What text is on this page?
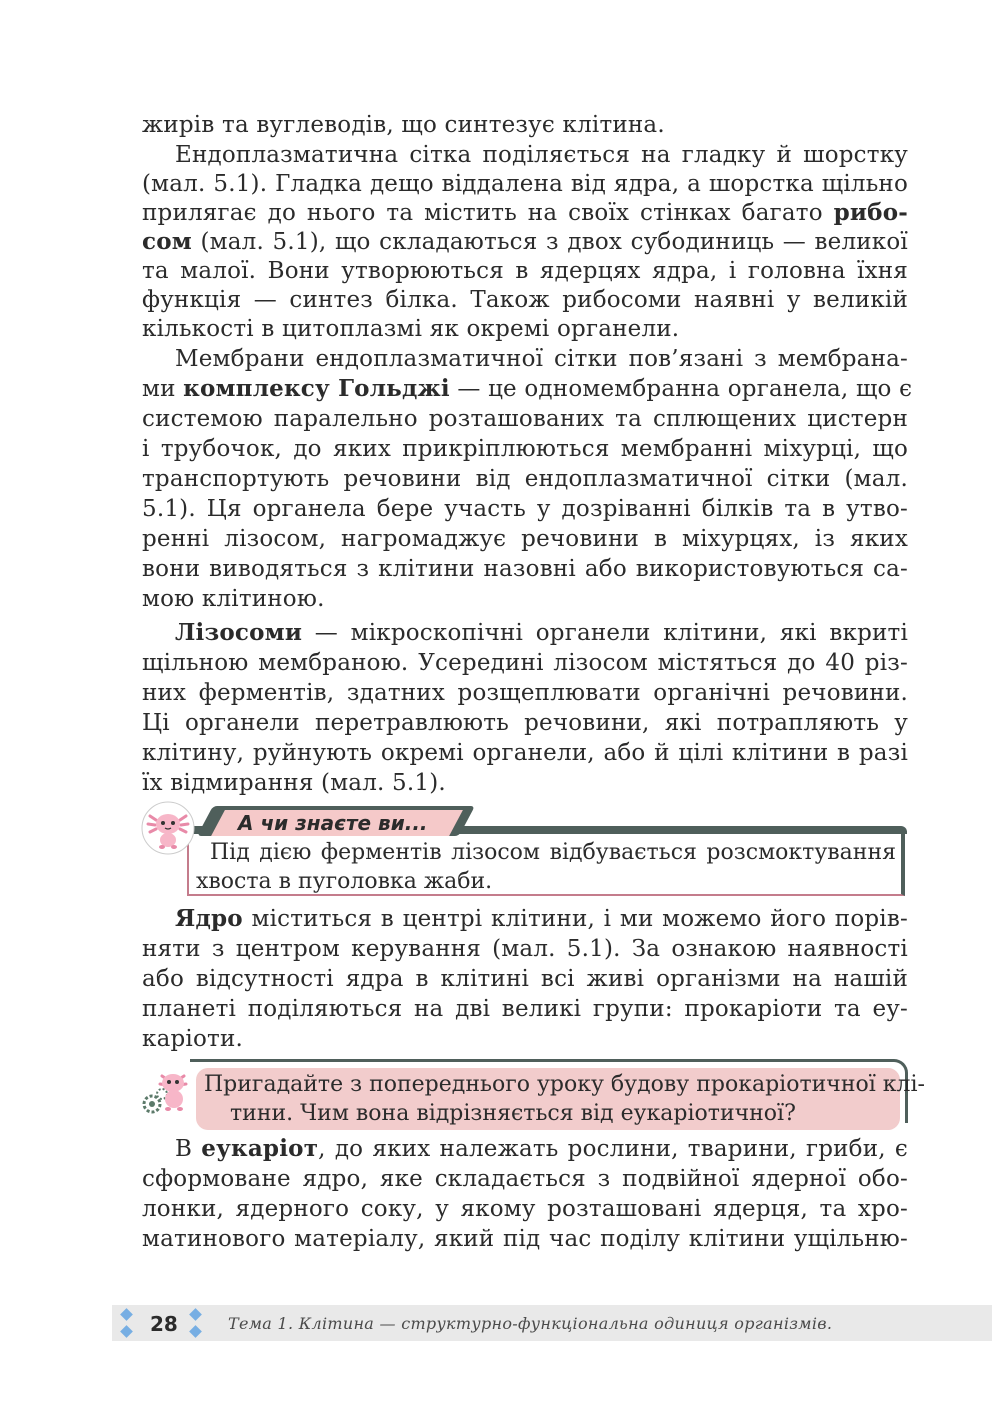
жирів та вуглеводів, що синтезує клітина.
Ендоплазматична сітка поділяється на гладку й шорстку
(мал. 5.1). Гладка дещо віддалена від ядра, а шорстка щільно
прилягає до нього та містить на своїх стінках багато рибо-
сом (мал. 5.1), що складаються з двох субодиниць — великої
та малої. Вони утворюються в ядерцях ядра, і головна їхня
функція — синтез білка. Також рибосоми наявні у великій
кількості в цитоплазмі як окремі органели.
Мембрани ендоплазматичної сітки пов’язані з мембрана-
ми комплексу Гольджі — це одномембранна органела, що є
системою паралельно розташованих та сплющених цистерн
і трубочок, до яких прикріплюються мембранні міхурці, що
транспортують речовини від ендоплазматичної сітки (мал.
5.1). Ця органела бере участь у дозріванні білків та в утво-
ренні лізосом, нагромаджує речовини в міхурцях, із яких
вони виводяться з клітини назовні або використовуються са-
мою клітиною.
Лізосоми — мікроскопічні органели клітини, які вкриті
щільною мембраною. Усередині лізосом містяться до 40 різ-
них ферментів, здатних розщеплювати органічні речовини.
Ці органели перетравлюють речовини, які потрапляють у
клітину, руйнують окремі органели, або й цілі клітини в разі
їх відмирання (мал. 5.1).
А чи знаєте ви...
Під дією ферментів лізосом відбувається розсмоктування
хвоста в пуголовка жаби.
Ядро міститься в центрі клітини, і ми можемо його порів-
няти з центром керування (мал. 5.1). За ознакою наявності
або відсутності ядра в клітині всі живі організми на нашій
планеті поділяються на дві великі групи: прокаріоти та еу-
каріоти.
Пригадайте з попереднього уроку будову прокаріотичної клі-
тини. Чим вона відрізняється від еукаріотичної?
В еукаріот, до яких належать рослини, тварини, гриби, є
сформоване ядро, яке складається з подвійної ядерної обо-
лонки, ядерного соку, у якому розташовані ядерця, та хро-
матинового матеріалу, який під час поділу клітини ущільню-
28	Тема 1. Клітина — структурно-функціональна одиниця організмів.
